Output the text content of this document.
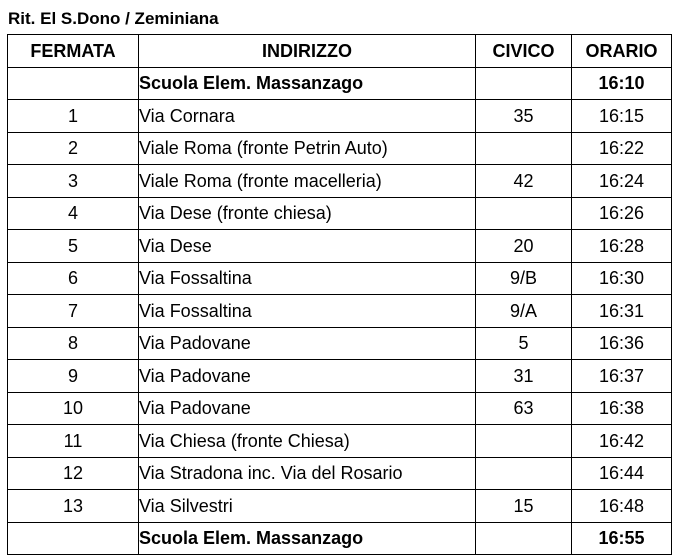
Rit. El S.Dono / Zeminiana
FERMATA	INDIRIZZO	CIVICO	ORARIO
	Scuola Elem. Massanzago		16:10
1	Via Cornara	35	16:15
2	Viale Roma (fronte Petrin Auto)		16:22
3	Viale Roma (fronte macelleria)	42	16:24
4	Via Dese (fronte chiesa)		16:26
5	Via Dese	20	16:28
6	Via Fossaltina	9/B	16:30
7	Via Fossaltina	9/A	16:31
8	Via Padovane	5	16:36
9	Via Padovane	31	16:37
10	Via Padovane	63	16:38
11	Via Chiesa (fronte Chiesa)		16:42
12	Via Stradona inc. Via del Rosario		16:44
13	Via Silvestri	15	16:48
	Scuola Elem. Massanzago		16:55
